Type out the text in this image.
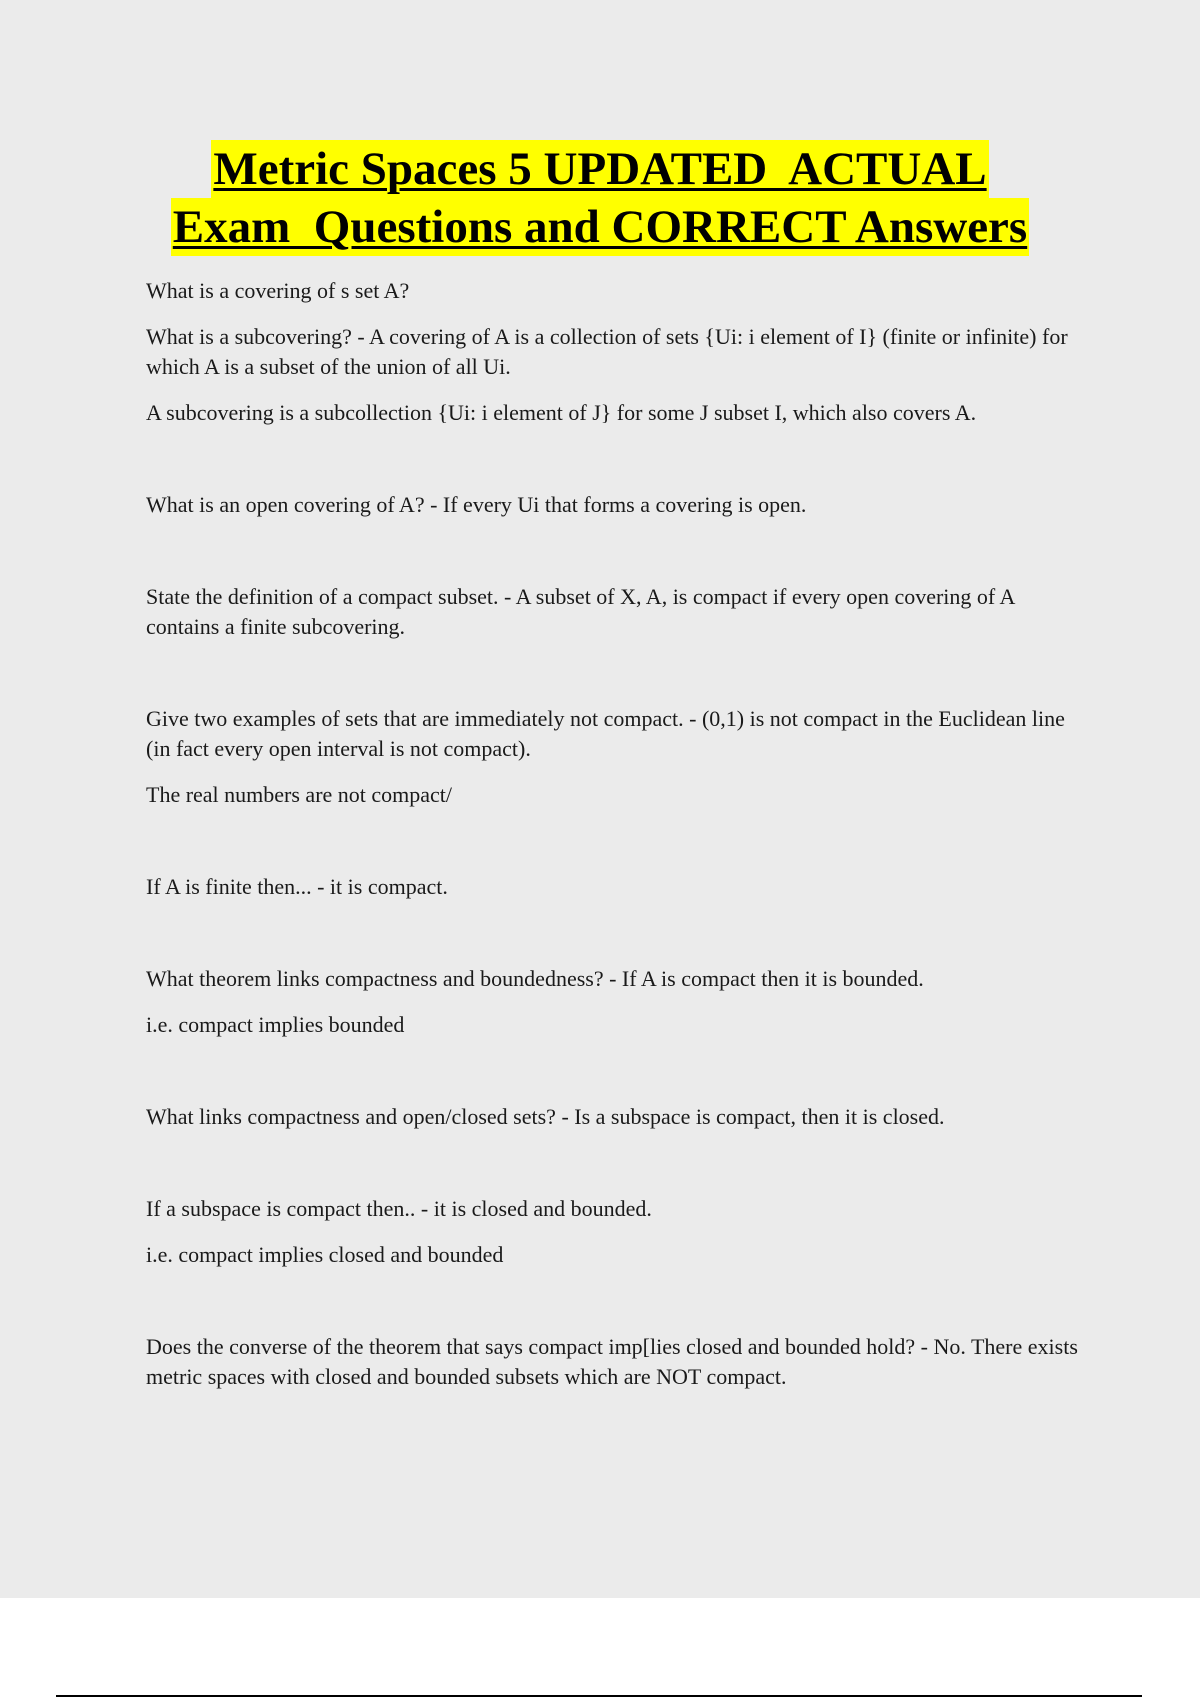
Metric Spaces 5 UPDATED  ACTUAL
Exam  Questions and CORRECT Answers

What is a covering of s set A?

What is a subcovering? - A covering of A is a collection of sets {Ui: i element of I} (finite or infinite) for which A is a subset of the union of all Ui.

A subcovering is a subcollection {Ui: i element of J} for some J subset I, which also covers A.

What is an open covering of A? - If every Ui that forms a covering is open.

State the definition of a compact subset. - A subset of X, A, is compact if every open covering of A contains a finite subcovering.

Give two examples of sets that are immediately not compact. - (0,1) is not compact in the Euclidean line (in fact every open interval is not compact).

The real numbers are not compact/

If A is finite then... - it is compact.

What theorem links compactness and boundedness? - If A is compact then it is bounded.

i.e. compact implies bounded

What links compactness and open/closed sets? - Is a subspace is compact, then it is closed.

If a subspace is compact then.. - it is closed and bounded.

i.e. compact implies closed and bounded

Does the converse of the theorem that says compact imp[lies closed and bounded hold? - No. There exists metric spaces with closed and bounded subsets which are NOT compact.
